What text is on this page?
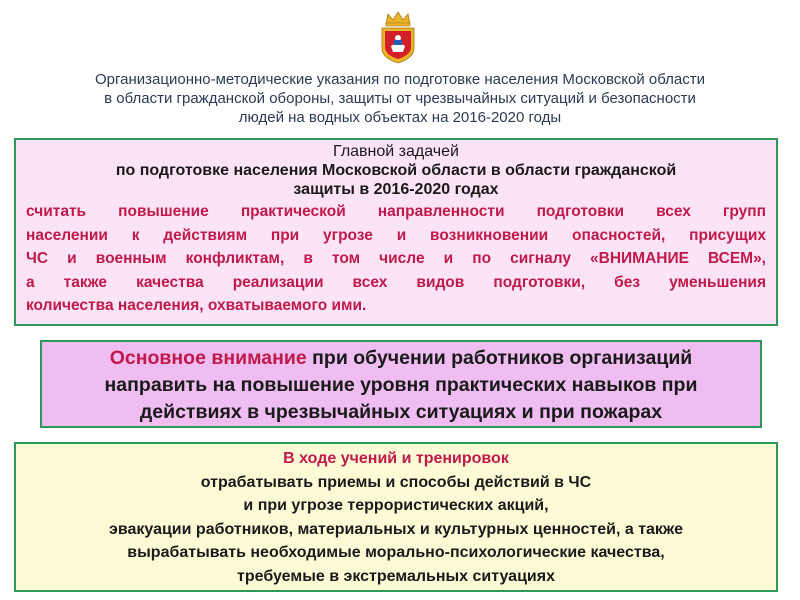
Организационно-методические указания по подготовке населения Московской области
в области гражданской обороны, защиты от чрезвычайных ситуаций и безопасности
людей на водных объектах на 2016-2020 годы
Главной задачей
по подготовке населения Московской области в области гражданской
защиты в 2016-2020 годах
считать повышение практической направленности подготовки всех групп
населении к действиям при угрозе и возникновении опасностей, присущих
ЧС и военным конфликтам, в том числе и по сигналу «ВНИМАНИЕ ВСЕМ»,
а также качества реализации всех видов подготовки, без уменьшения
количества населения, охватываемого ими.
Основное внимание при обучении работников организаций
направить на повышение уровня практических навыков при
действиях в чрезвычайных ситуациях и при пожарах
В ходе учений и тренировок
отрабатывать приемы и способы действий в ЧС
и при угрозе террористических акций,
эвакуации работников, материальных и культурных ценностей, а также
вырабатывать необходимые морально-психологические качества,
требуемые в экстремальных ситуациях
